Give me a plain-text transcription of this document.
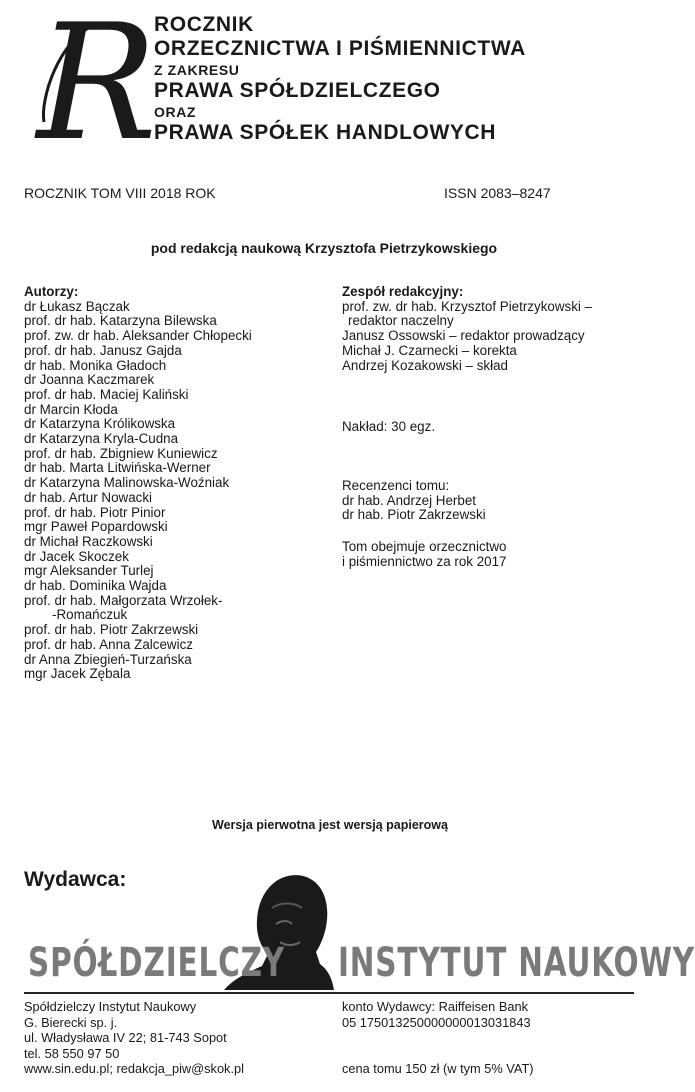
R
ROCZNIK
ORZECZNICTWA I PIŚMIENNICTWA
Z ZAKRESU
PRAWA SPÓŁDZIELCZEGO
ORAZ
PRAWA SPÓŁEK HANDLOWYCH
ROCZNIK TOM VIII 2018 ROK	ISSN 2083–8247
pod redakcją naukową Krzysztofa Pietrzykowskiego
Autorzy:
dr Łukasz Bączak
prof. dr hab. Katarzyna Bilewska
prof. zw. dr hab. Aleksander Chłopecki
prof. dr hab. Janusz Gajda
dr hab. Monika Gładoch
dr Joanna Kaczmarek
prof. dr hab. Maciej Kaliński
dr Marcin Kłoda
dr Katarzyna Królikowska
dr Katarzyna Kryla-Cudna
prof. dr hab. Zbigniew Kuniewicz
dr hab. Marta Litwińska-Werner
dr Katarzyna Malinowska-Woźniak
dr hab. Artur Nowacki
prof. dr hab. Piotr Pinior
mgr Paweł Popardowski
dr Michał Raczkowski
dr Jacek Skoczek
mgr Aleksander Turlej
dr hab. Dominika Wajda
prof. dr hab. Małgorzata Wrzołek-
-Romańczuk
prof. dr hab. Piotr Zakrzewski
prof. dr hab. Anna Zalcewicz
dr Anna Zbiegień-Turzańska
mgr Jacek Zębala
Zespół redakcyjny:
prof. zw. dr hab. Krzysztof Pietrzykowski –
redaktor naczelny
Janusz Ossowski – redaktor prowadzący
Michał J. Czarnecki – korekta
Andrzej Kozakowski – skład
Nakład: 30 egz.
Recenzenci tomu:
dr hab. Andrzej Herbet
dr hab. Piotr Zakrzewski
Tom obejmuje orzecznictwo
i piśmiennictwo za rok 2017
Wersja pierwotna jest wersją papierową
Wydawca:
SPÓŁDZIELCZY INSTYTUT NAUKOWY
Spółdzielczy Instytut Naukowy
G. Bierecki sp. j.
ul. Władysława IV 22; 81-743 Sopot
tel. 58 550 97 50
www.sin.edu.pl; redakcja_piw@skok.pl
konto Wydawcy: Raiffeisen Bank
05 175013250000000013031843
cena tomu 150 zł (w tym 5% VAT)
